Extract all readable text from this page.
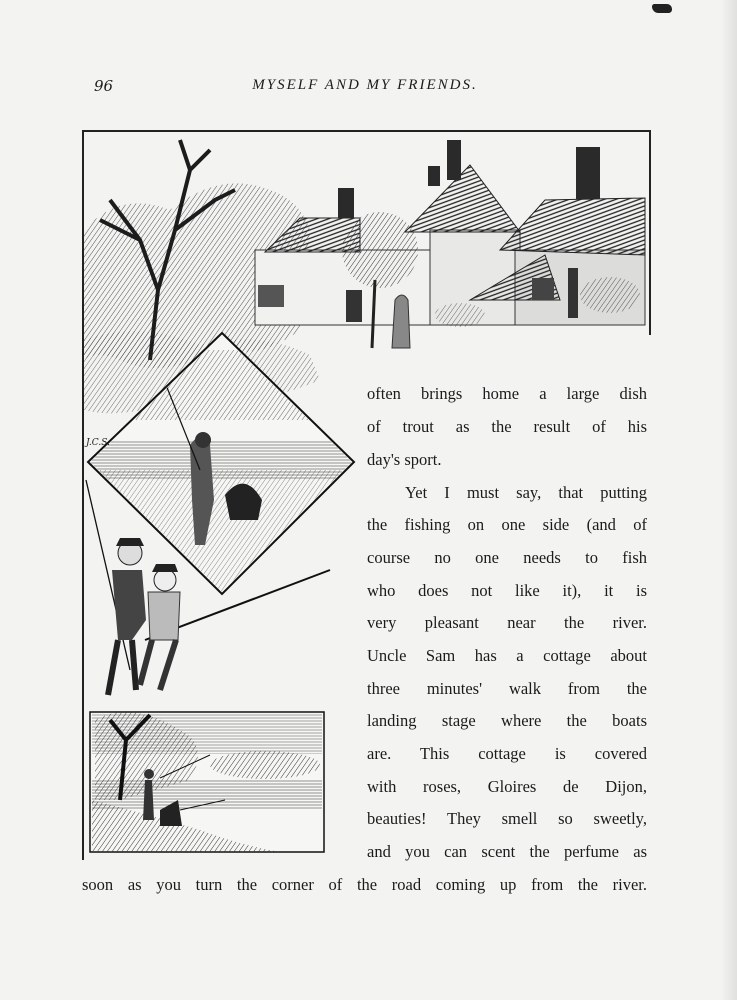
96	MYSELF AND MY FRIENDS.
J.C.S.
often brings home a large dish
of trout as the result of his
day's sport.
Yet I must say, that putting
the fishing on one side (and of
course no one needs to fish
who does not like it), it is
very pleasant near the river.
Uncle Sam has a cottage about
three minutes' walk from the
landing stage where the boats
are. This cottage is covered
with roses, Gloires de Dijon,
beauties! They smell so sweetly,
and you can scent the perfume as
soon as you turn the corner of the road coming up from the river.
